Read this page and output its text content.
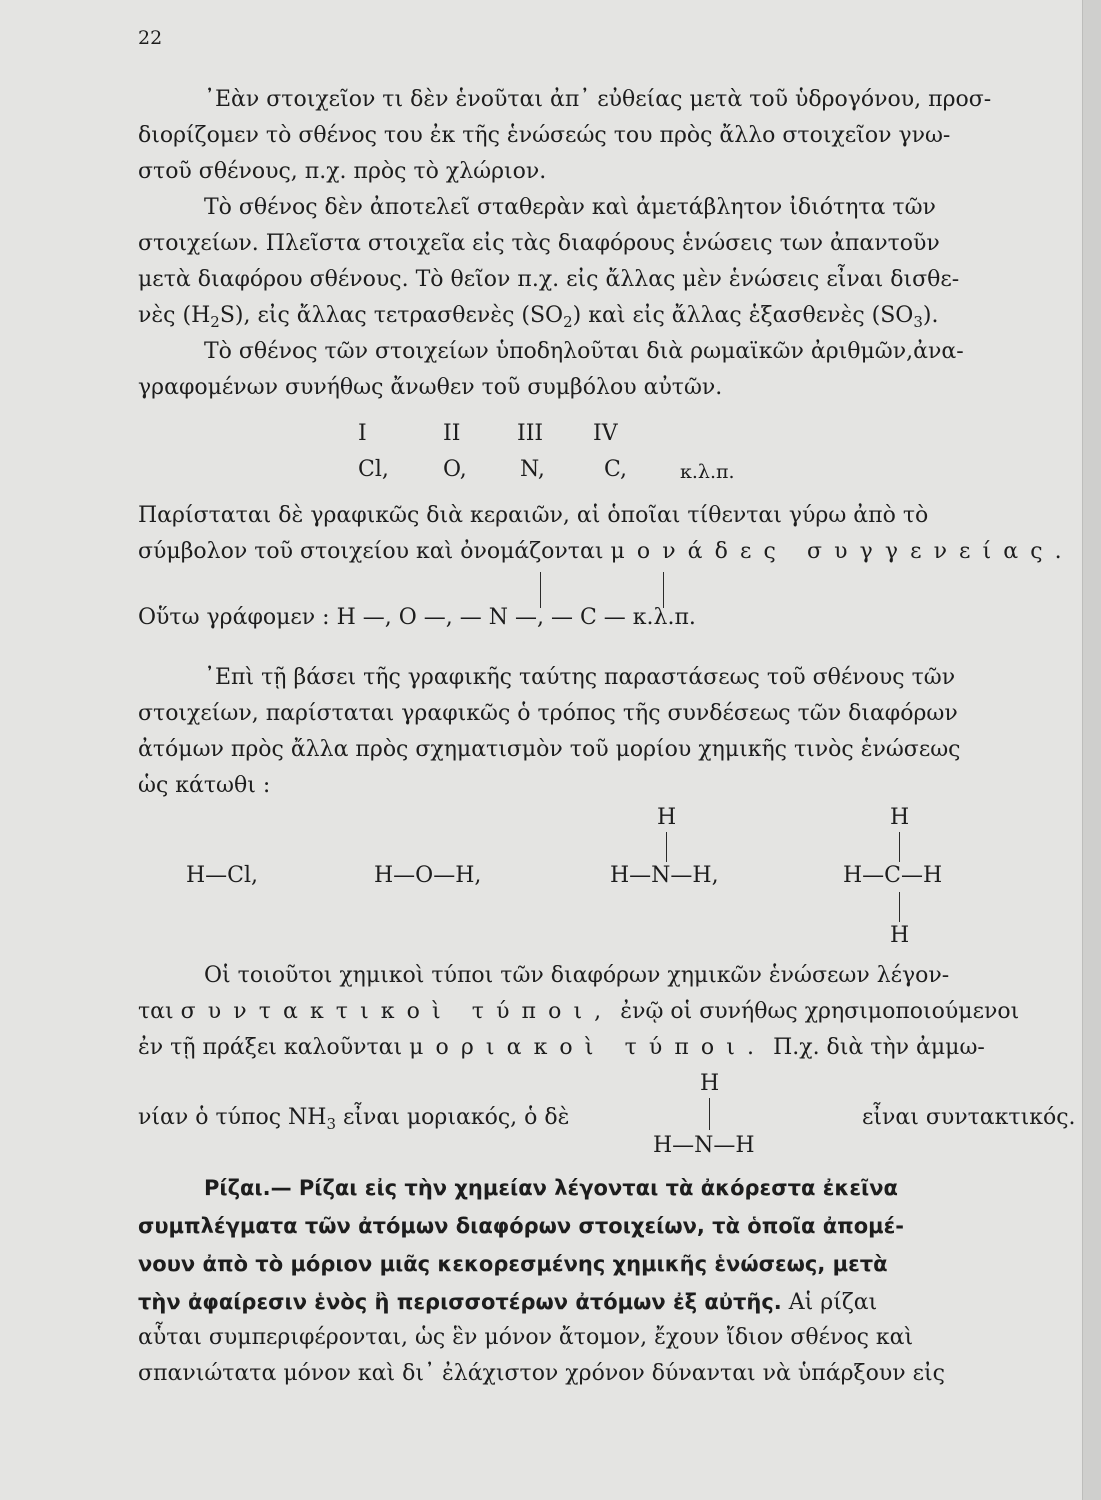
22
᾿Εὰν στοιχεῖον τι δὲν ἑνοῦται ἀπ᾿ εὐθείας μετὰ τοῦ ὑδρογόνου, προσ-
διορίζομεν τὸ σθένος του ἐκ τῆς ἑνώσεώς του πρὸς ἄλλο στοιχεῖον γνω-
στοῦ σθένους, π.χ. πρὸς τὸ χλώριον.
Τὸ σθένος δὲν ἀποτελεῖ σταθερὰν καὶ ἀμετάβλητον ἰδιότητα τῶν
στοιχείων. Πλεῖστα στοιχεῖα εἰς τὰς διαφόρους ἑνώσεις των ἀπαντοῦν
μετὰ διαφόρου σθένους. Τὸ θεῖον π.χ. εἰς ἄλλας μὲν ἑνώσεις εἶναι δισθε-
νὲς $(H_2S)$, εἰς ἄλλας τετρασθενὲς $(SO_2)$ καὶ εἰς ἄλλας ἑξασθενὲς $(SO_3)$.
Τὸ σθένος τῶν στοιχείων ὑποδηλοῦται διὰ ρωμαϊκῶν ἀριθμῶν,ἀνα-
γραφομένων συνήθως ἄνωθεν τοῦ συμβόλου αὐτῶν.
I	II	III IV
Cl, O, N,	C,	κ.λ.π.
Παρίσταται δὲ γραφικῶς διὰ κεραιῶν, αἱ ὁποῖαι τίθενται γύρω ἀπὸ τὸ
σύμβολον τοῦ στοιχείου καὶ ὀνομάζονται μονάδες συγγενείας.
Οὕτω γράφομεν : H —, O —, — N —, — C — κ.λ.π.
᾿Επὶ τῇ βάσει τῆς γραφικῆς ταύτης παραστάσεως τοῦ σθένους τῶν
στοιχείων, παρίσταται γραφικῶς ὁ τρόπος τῆς συνδέσεως τῶν διαφόρων
ἀτόμων πρὸς ἄλλα πρὸς σχηματισμὸν τοῦ μορίου χημικῆς τινὸς ἑνώσεως
ὡς κάτωθι :
H	H
H—Cl,	H—O—H,	H—N—H,	H—C—H
H
Οἱ τοιοῦτοι χημικοὶ τύποι τῶν διαφόρων χημικῶν ἑνώσεων λέγον-
ται συντακτικοὶ τύποι, ἐνῷ οἱ συνήθως χρησιμοποιούμενοι
ἐν τῇ πράξει καλοῦνται μοριακοὶ τύποι. Π.χ. διὰ τὴν ἀμμω-
H
νίαν ὁ τύπος $NH_3$ εἶναι μοριακός, ὁ δὲ	εἶναι συντακτικός.
H—N—H
Ρίζαι.— Ρίζαι εἰς τὴν χημείαν λέγονται τὰ ἀκόρεστα ἐκεῖνα
συμπλέγματα τῶν ἀτόμων διαφόρων στοιχείων, τὰ ὁποῖα ἀπομέ-
νουν ἀπὸ τὸ μόριον μιᾶς κεκορεσμένης χημικῆς ἑνώσεως, μετὰ
τὴν ἀφαίρεσιν ἑνὸς ἢ περισσοτέρων ἀτόμων ἐξ αὐτῆς. Αἱ ρίζαι
αὗται συμπεριφέρονται, ὡς ἓν μόνον ἄτομον, ἔχουν ἴδιον σθένος καὶ
σπανιώτατα μόνον καὶ δι᾿ ἐλάχιστον χρόνον δύνανται νὰ ὑπάρξουν εἰς
